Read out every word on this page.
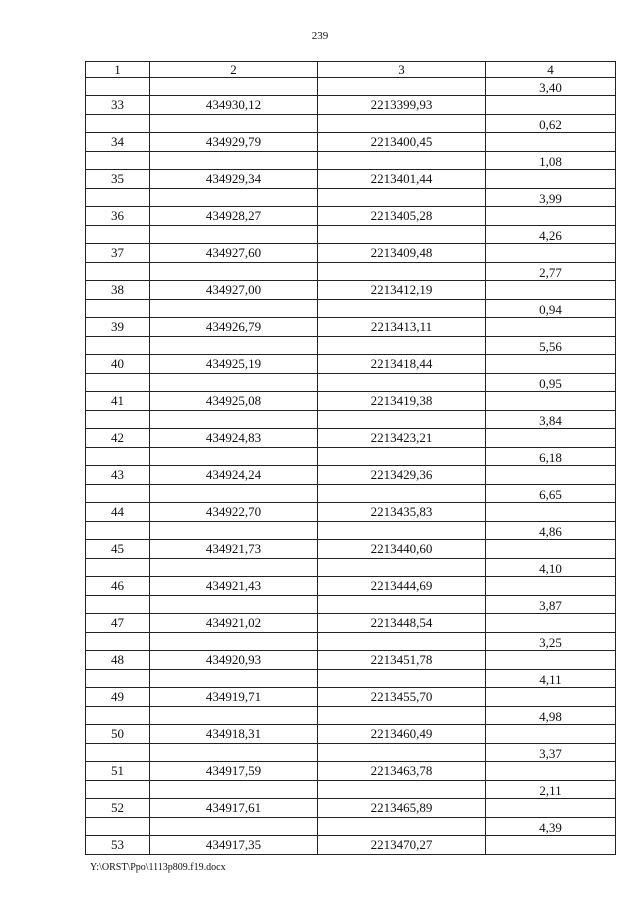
239
1	2	3	4
			3,40
33	434930,12	2213399,93	
			0,62
34	434929,79	2213400,45	
			1,08
35	434929,34	2213401,44	
			3,99
36	434928,27	2213405,28	
			4,26
37	434927,60	2213409,48	
			2,77
38	434927,00	2213412,19	
			0,94
39	434926,79	2213413,11	
			5,56
40	434925,19	2213418,44	
			0,95
41	434925,08	2213419,38	
			3,84
42	434924,83	2213423,21	
			6,18
43	434924,24	2213429,36	
			6,65
44	434922,70	2213435,83	
			4,86
45	434921,73	2213440,60	
			4,10
46	434921,43	2213444,69	
			3,87
47	434921,02	2213448,54	
			3,25
48	434920,93	2213451,78	
			4,11
49	434919,71	2213455,70	
			4,98
50	434918,31	2213460,49	
			3,37
51	434917,59	2213463,78	
			2,11
52	434917,61	2213465,89	
			4,39
53	434917,35	2213470,27	
Y:\ORST\Ppo\1113p809.f19.docx
